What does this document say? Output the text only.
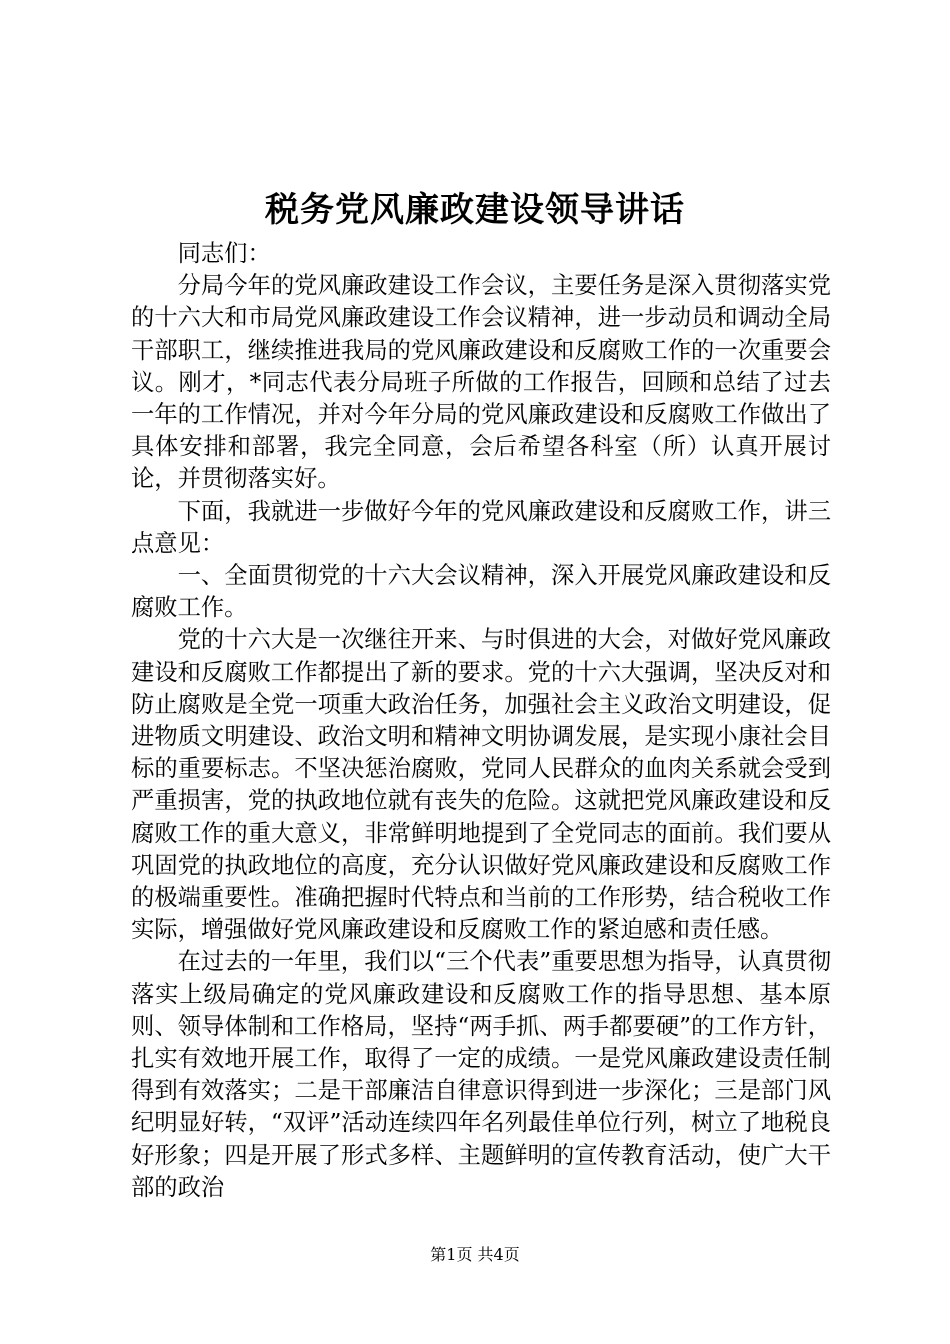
税务党风廉政建设领导讲话

同志们：

分局今年的党风廉政建设工作会议，主要任务是深入贯彻落实党的十六大和市局党风廉政建设工作会议精神，进一步动员和调动全局干部职工，继续推进我局的党风廉政建设和反腐败工作的一次重要会议。刚才，*同志代表分局班子所做的工作报告，回顾和总结了过去一年的工作情况，并对今年分局的党风廉政建设和反腐败工作做出了具体安排和部署，我完全同意，会后希望各科室（所）认真开展讨论，并贯彻落实好。

下面，我就进一步做好今年的党风廉政建设和反腐败工作，讲三点意见：

一、全面贯彻党的十六大会议精神，深入开展党风廉政建设和反腐败工作。

党的十六大是一次继往开来、与时俱进的大会，对做好党风廉政建设和反腐败工作都提出了新的要求。党的十六大强调，坚决反对和防止腐败是全党一项重大政治任务，加强社会主义政治文明建设，促进物质文明建设、政治文明和精神文明协调发展，是实现小康社会目标的重要标志。不坚决惩治腐败，党同人民群众的血肉关系就会受到严重损害，党的执政地位就有丧失的危险。这就把党风廉政建设和反腐败工作的重大意义，非常鲜明地提到了全党同志的面前。我们要从巩固党的执政地位的高度，充分认识做好党风廉政建设和反腐败工作的极端重要性。准确把握时代特点和当前的工作形势，结合税收工作实际，增强做好党风廉政建设和反腐败工作的紧迫感和责任感。

在过去的一年里，我们以“三个代表”重要思想为指导，认真贯彻落实上级局确定的党风廉政建设和反腐败工作的指导思想、基本原则、领导体制和工作格局，坚持“两手抓、两手都要硬”的工作方针，扎实有效地开展工作，取得了一定的成绩。一是党风廉政建设责任制得到有效落实；二是干部廉洁自律意识得到进一步深化；三是部门风纪明显好转，“双评”活动连续四年名列最佳单位行列，树立了地税良好形象；四是开展了形式多样、主题鲜明的宣传教育活动，使广大干部的政治

第1页 共4页
